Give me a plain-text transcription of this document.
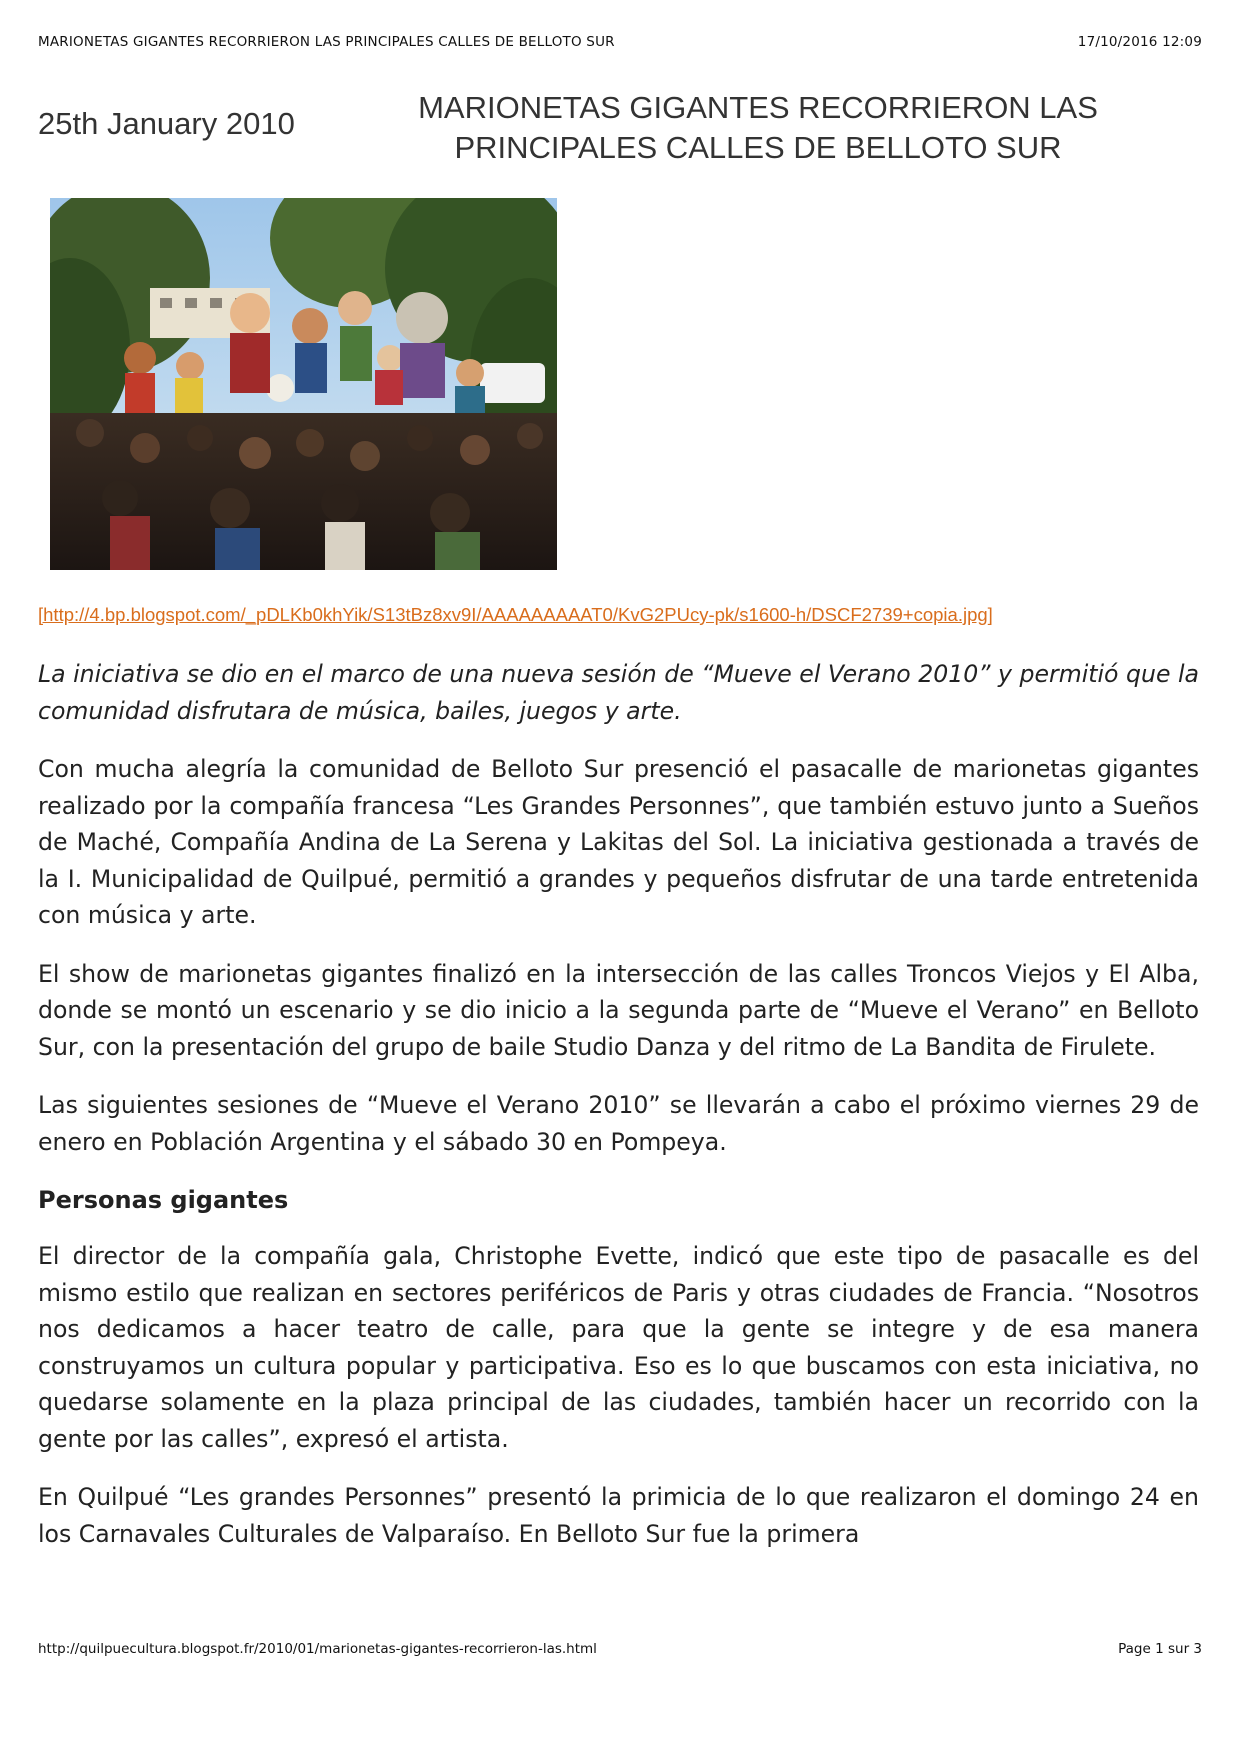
MARIONETAS GIGANTES RECORRIERON LAS PRINCIPALES CALLES DE BELLOTO SUR	17/10/2016 12:09
25th January 2010	MARIONETAS GIGANTES RECORRIERON LAS PRINCIPALES CALLES DE BELLOTO SUR
[http://4.bp.blogspot.com/_pDLKb0khYik/S13tBz8xv9I/AAAAAAAAAT0/KvG2PUcy-pk/s1600-h/DSCF2739+copia.jpg]

La iniciativa se dio en el marco de una nueva sesión de “Mueve el Verano 2010” y permitió que la comunidad disfrutara de música, bailes, juegos y arte.

Con mucha alegría la comunidad de Belloto Sur presenció el pasacalle de marionetas gigantes realizado por la compañía francesa “Les Grandes Personnes”, que también estuvo junto a Sueños de Maché, Compañía Andina de La Serena y Lakitas del Sol. La iniciativa gestionada a través de la I. Municipalidad de Quilpué, permitió a grandes y pequeños disfrutar de una tarde entretenida con música y arte.

El show de marionetas gigantes finalizó en la intersección de las calles Troncos Viejos y El Alba, donde se montó un escenario y se dio inicio a la segunda parte de “Mueve el Verano” en Belloto Sur, con la presentación del grupo de baile Studio Danza y del ritmo de La Bandita de Firulete.

Las siguientes sesiones de “Mueve el Verano 2010” se llevarán a cabo el próximo viernes 29 de enero en Población Argentina y el sábado 30 en Pompeya.

Personas gigantes

El director de la compañía gala, Christophe Evette, indicó que este tipo de pasacalle es del mismo estilo que realizan en sectores periféricos de Paris y otras ciudades de Francia. “Nosotros nos dedicamos a hacer teatro de calle, para que la gente se integre y de esa manera construyamos un cultura popular y participativa. Eso es lo que buscamos con esta iniciativa, no quedarse solamente en la plaza principal de las ciudades, también hacer un recorrido con la gente por las calles”, expresó el artista.

En Quilpué “Les grandes Personnes” presentó la primicia de lo que realizaron el domingo 24 en los Carnavales Culturales de Valparaíso. En Belloto Sur fue la primera

http://quilpuecultura.blogspot.fr/2010/01/marionetas-gigantes-recorrieron-las.html	Page 1 sur 3
